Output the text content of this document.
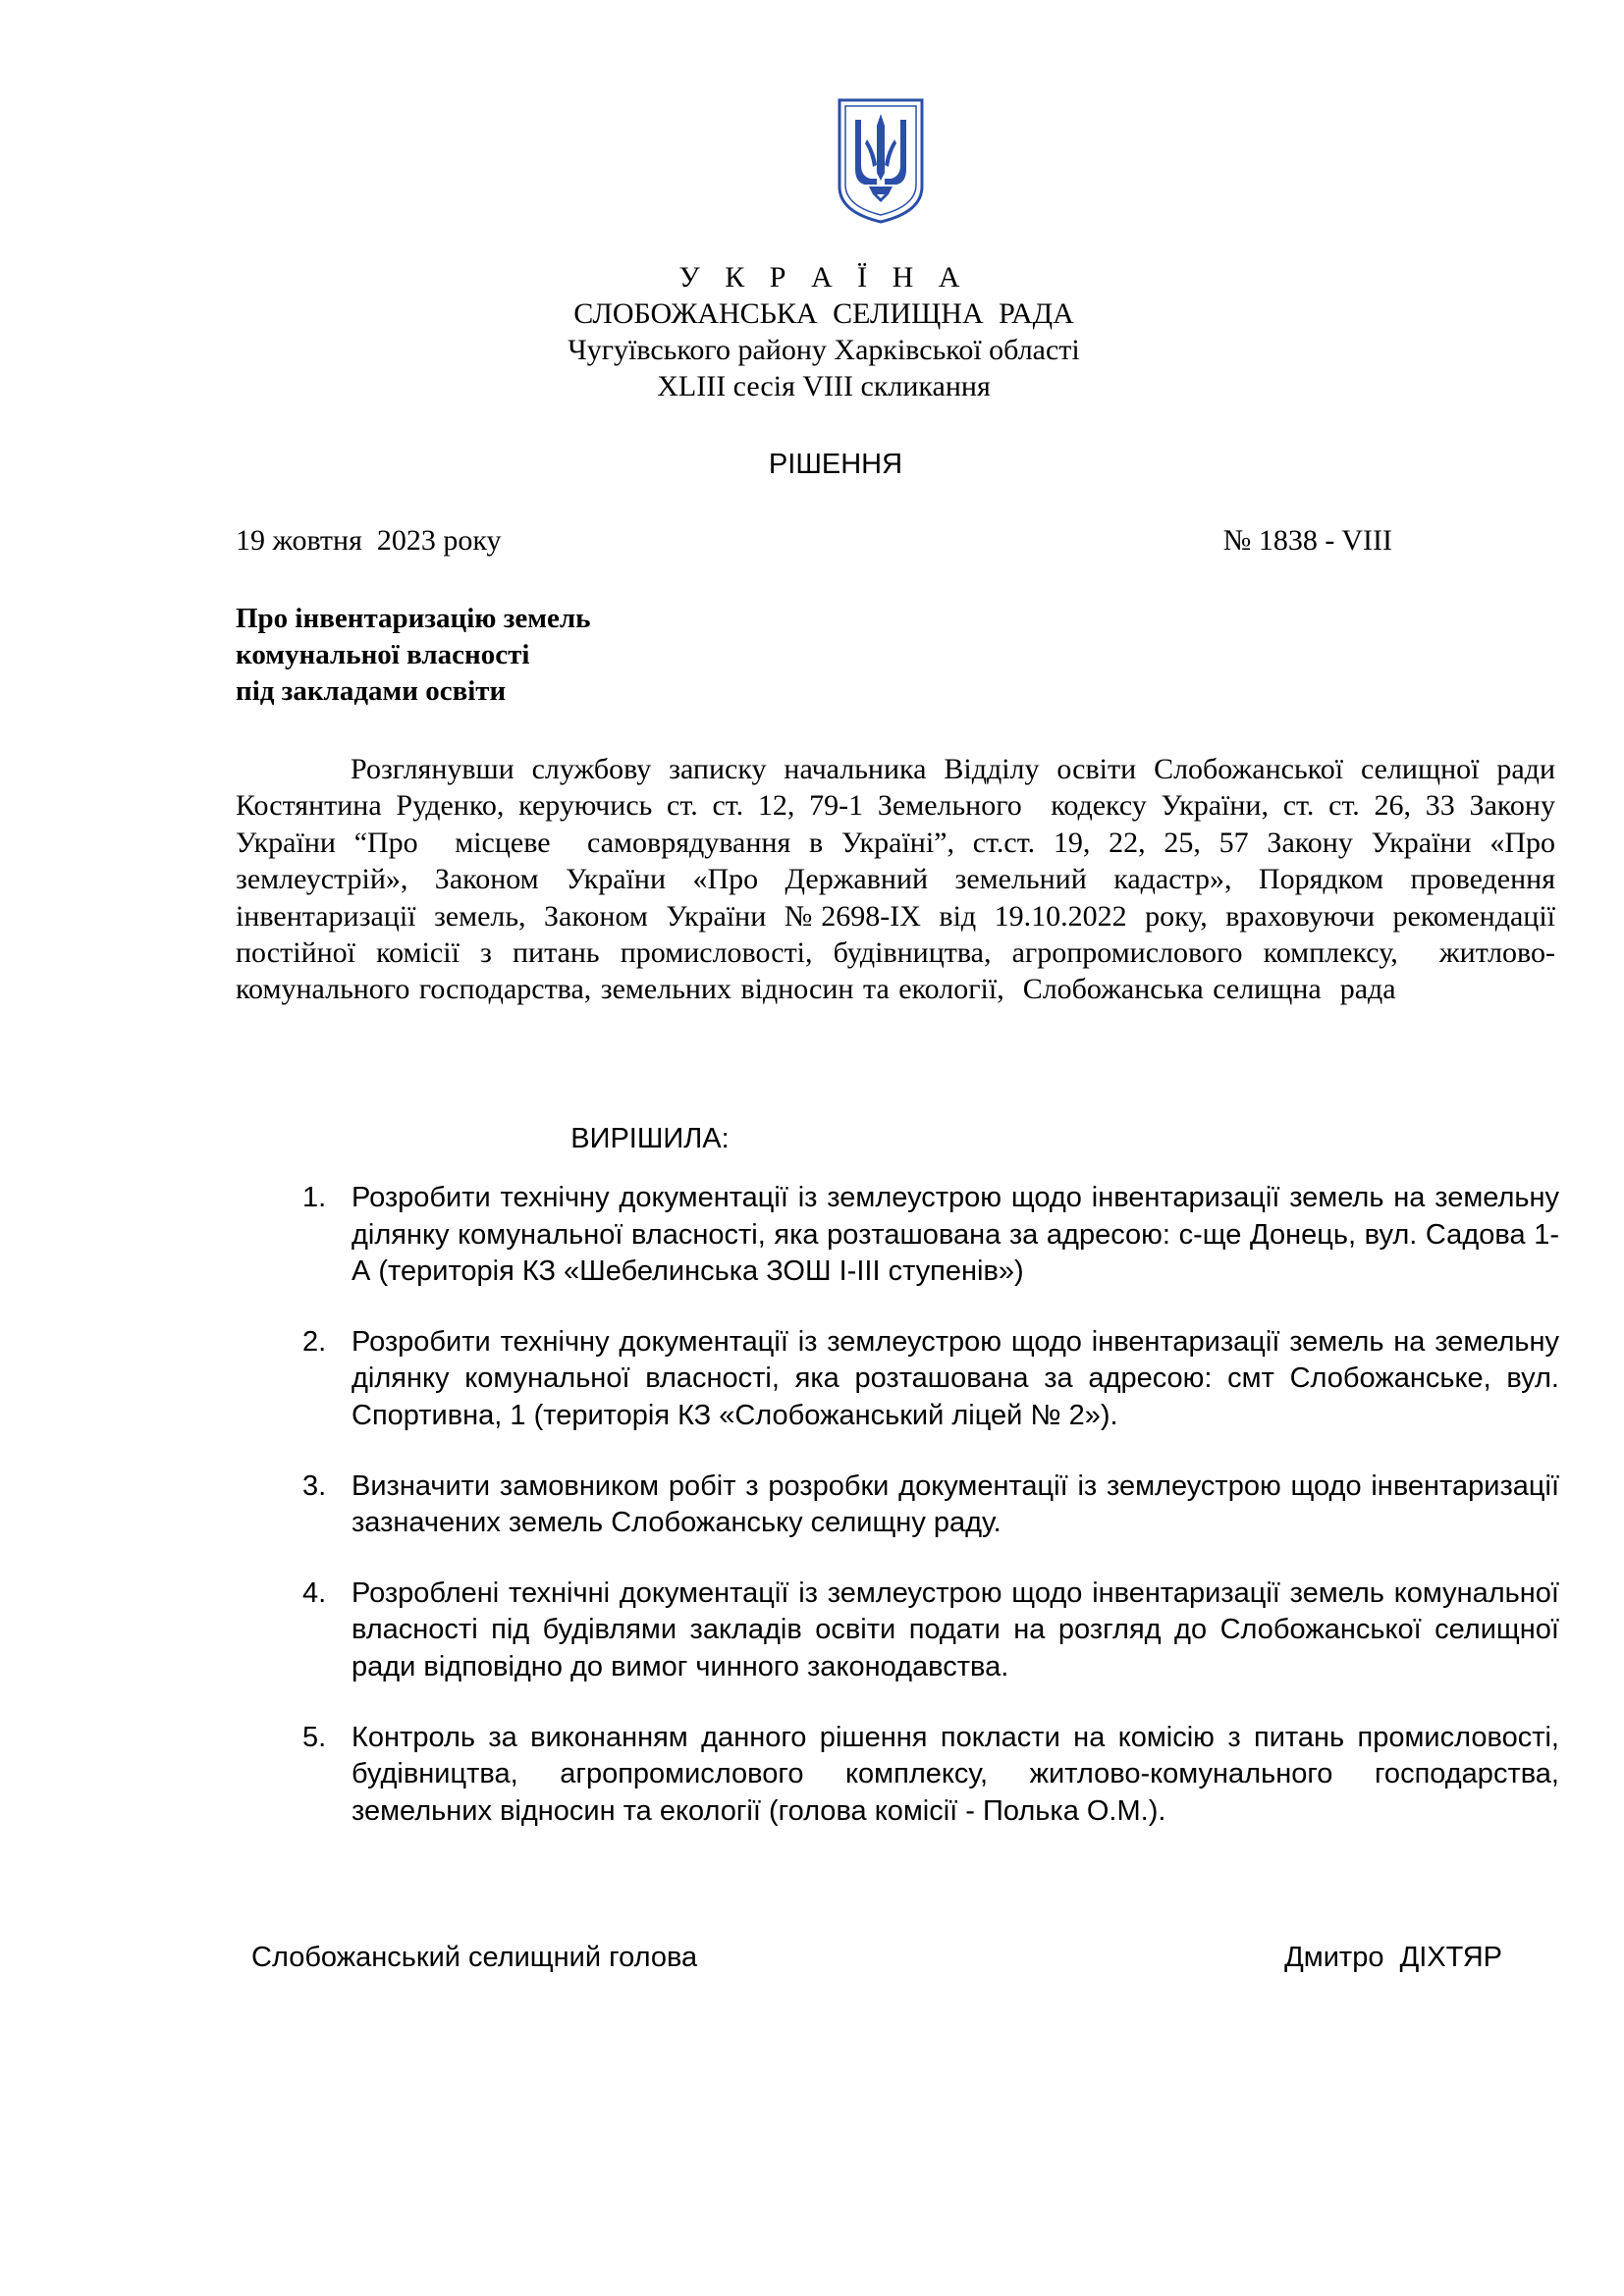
У К Р А Ї Н А
СЛОБОЖАНСЬКА СЕЛИЩНА РАДА
Чугуївського району Харківської області
XLIII сесія VIII скликання
РІШЕННЯ
19 жовтня  2023 року	№ 1838 - VIII
Про інвентаризацію земель
комунальної власності
під закладами освіти
Розглянувши службову записку начальника Відділу освіти Слобожанської селищної ради Костянтина Руденко, керуючись ст. ст. 12, 79-1 Земельного  кодексу України, ст. ст. 26, 33 Закону  України “Про  місцеве  самоврядування в Україні”, ст.ст. 19, 22, 25, 57 Закону України «Про землеустрій», Законом України «Про Державний земельний кадастр», Порядком проведення інвентаризації земель, Законом України №2698-IX від 19.10.2022 року, враховуючи рекомендації постійної комісії з питань промисловості, будівництва, агропромислового комплексу,  житлово-комунального господарства, земельних відносин та екології,  Слобожанська селищна  рада
ВИРІШИЛА:
1. Розробити технічну документації із землеустрою щодо інвентаризації земель на земельну ділянку комунальної власності, яка розташована за адресою: с-ще Донець, вул. Садова 1-А (територія КЗ «Шебелинська ЗОШ І-ІІІ ступенів»)
2. Розробити технічну документації із землеустрою щодо інвентаризації земель на земельну ділянку комунальної власності, яка розташована за адресою: смт Слобожанське, вул. Спортивна, 1 (територія КЗ «Слобожанський ліцей № 2»).
3. Визначити замовником робіт з розробки документації із землеустрою щодо інвентаризації зазначених земель Слобожанську селищну раду.
4. Розроблені технічні документації із землеустрою щодо інвентаризації земель комунальної власності під будівлями закладів освіти подати на розгляд до Слобожанської селищної ради відповідно до вимог чинного законодавства.
5. Контроль за виконанням данного рішення покласти на комісію з питань промисловості, будівництва, агропромислового комплексу, житлово-комунального господарства, земельних відносин та екології (голова комісії - Полька О.М.).
Слобожанський селищний голова	Дмитро  ДІХТЯР
